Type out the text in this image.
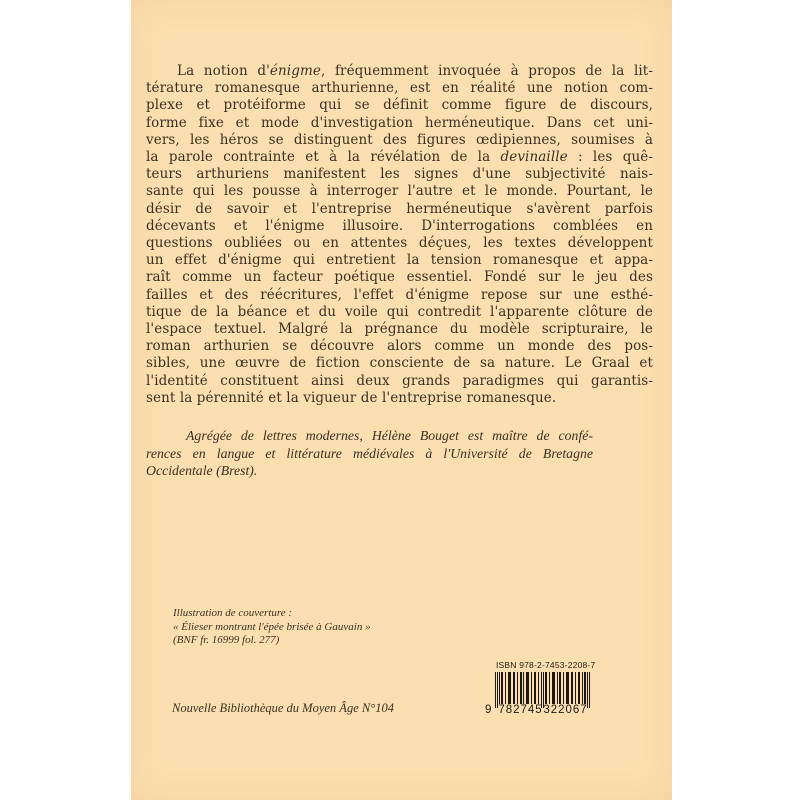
La notion d'énigme, fréquemment invoquée à propos de la lit-
térature romanesque arthurienne, est en réalité une notion com-
plexe et protéiforme qui se définit comme figure de discours,
forme fixe et mode d'investigation herméneutique. Dans cet uni-
vers, les héros se distinguent des figures œdipiennes, soumises à
la parole contrainte et à la révélation de la devinaille : les quê-
teurs arthuriens manifestent les signes d'une subjectivité nais-
sante qui les pousse à interroger l'autre et le monde. Pourtant, le
désir de savoir et l'entreprise herméneutique s'avèrent parfois
décevants et l'énigme illusoire. D'interrogations comblées en
questions oubliées ou en attentes déçues, les textes développent
un effet d'énigme qui entretient la tension romanesque et appa-
raît comme un facteur poétique essentiel. Fondé sur le jeu des
failles et des réécritures, l'effet d'énigme repose sur une esthé-
tique de la béance et du voile qui contredit l'apparente clôture de
l'espace textuel. Malgré la prégnance du modèle scripturaire, le
roman arthurien se découvre alors comme un monde des pos-
sibles, une œuvre de fiction consciente de sa nature. Le Graal et
l'identité constituent ainsi deux grands paradigmes qui garantis-
sent la pérennité et la vigueur de l'entreprise romanesque.
Agrégée de lettres modernes, Hélène Bouget est maître de confé-
rences en langue et littérature médiévales à l'Université de Bretagne
Occidentale (Brest).
Illustration de couverture :
« Élieser montrant l'épée brisée à Gauvain »
(BNF fr. 16999 fol. 277)
ISBN 978-2-7453-2208-7
9 782745 322067
Nouvelle Bibliothèque du Moyen Âge N°104
